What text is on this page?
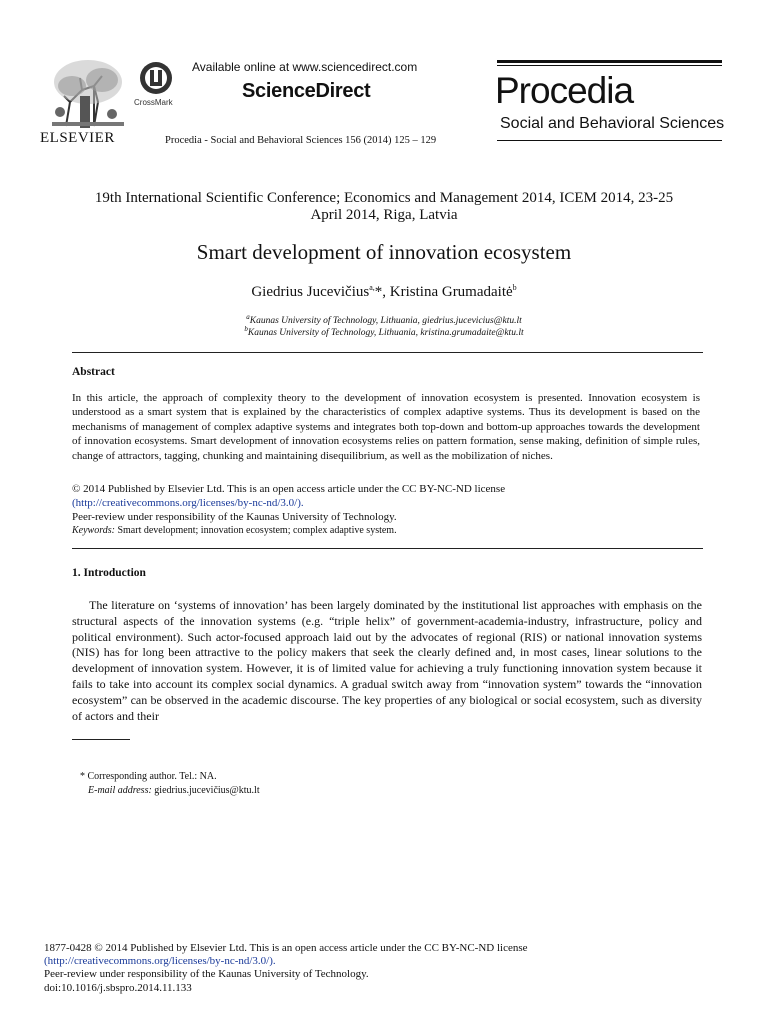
ELSEVIER
CrossMark
Available online at www.sciencedirect.com
ScienceDirect
Procedia - Social and Behavioral Sciences 156 (2014) 125 – 129
Procedia
Social and Behavioral Sciences
19th International Scientific Conference; Economics and Management 2014, ICEM 2014, 23-25
April 2014, Riga, Latvia
Smart development of innovation ecosystem
Giedrius Jucevičius$^{a,}$*, Kristina Grumadaitė$^b$
$^a$Kaunas University of Technology, Lithuania, giedrius.jucevicius@ktu.lt
$^b$Kaunas University of Technology, Lithuania, kristina.grumadaite@ktu.lt
Abstract
In this article, the approach of complexity theory to the development of innovation ecosystem is presented. Innovation ecosystem is understood as a smart system that is explained by the characteristics of complex adaptive systems. Thus its development is based on the mechanisms of management of complex adaptive systems and integrates both top-down and bottom-up approaches towards the development of innovation ecosystems. Smart development of innovation ecosystems relies on pattern formation, sense making, definition of simple rules, change of attractors, tagging, chunking and maintaining disequilibrium, as well as the mobilization of niches.
© 2014 Published by Elsevier Ltd. This is an open access article under the CC BY-NC-ND license
(http://creativecommons.org/licenses/by-nc-nd/3.0/).
Peer-review under responsibility of the Kaunas University of Technology.
Keywords: Smart development; innovation ecosystem; complex adaptive system.
1. Introduction
The literature on ‘systems of innovation’ has been largely dominated by the institutional list approaches with emphasis on the structural aspects of the innovation systems (e.g. “triple helix” of government-academia-industry, infrastructure, policy and political environment). Such actor-focused approach laid out by the advocates of regional (RIS) or national innovation systems (NIS) has for long been attractive to the policy makers that seek the clearly defined and, in most cases, linear solutions to the development of innovation system. However, it is of limited value for achieving a truly functioning innovation system because it fails to take into account its complex social dynamics. A gradual switch away from “innovation system” towards the “innovation ecosystem” can be observed in the academic discourse. The key properties of any biological or social ecosystem, such as diversity of actors and their
* Corresponding author. Tel.: NA.
E-mail address: giedrius.jucevičius@ktu.lt
1877-0428 © 2014 Published by Elsevier Ltd. This is an open access article under the CC BY-NC-ND license
(http://creativecommons.org/licenses/by-nc-nd/3.0/).
Peer-review under responsibility of the Kaunas University of Technology.
doi:10.1016/j.sbspro.2014.11.133
